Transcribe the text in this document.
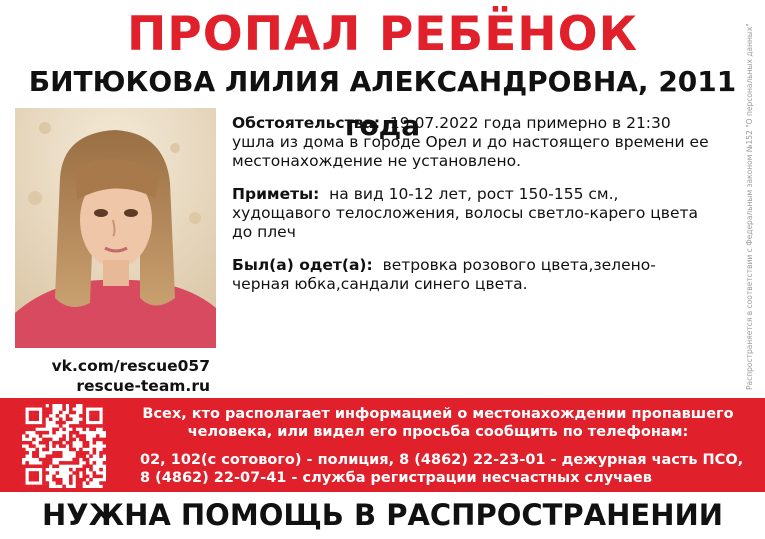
ПРОПАЛ РЕБЁНОК
БИТЮКОВА ЛИЛИЯ АЛЕКСАНДРОВНА, 2011 года
vk.com/rescue057
rescue-team.ru

Обстоятельства: 19.07.2022 года примерно в 21:30 ушла из дома в городе Орел и до настоящего времени ее местонахождение не установлено.

Приметы: на вид 10-12 лет, рост 150-155 см., худощавого телосложения, волосы светло-карего цвета до плеч

Был(а) одет(а): ветровка розового цвета,зелено-черная юбка,сандали синего цвета.	Распространяется в соответствии с Федеральным законом №152 "О персональных данных"
Всех, кто располагает информацией о местонахождении пропавшего
человека, или видел его просьба сообщить по телефонам:
02, 102(с сотового) - полиция, 8 (4862) 22-23-01 - дежурная часть ПСО,
8 (4862) 22-07-41 - служба регистрации несчастных случаев
НУЖНА ПОМОЩЬ В РАСПРОСТРАНЕНИИ
